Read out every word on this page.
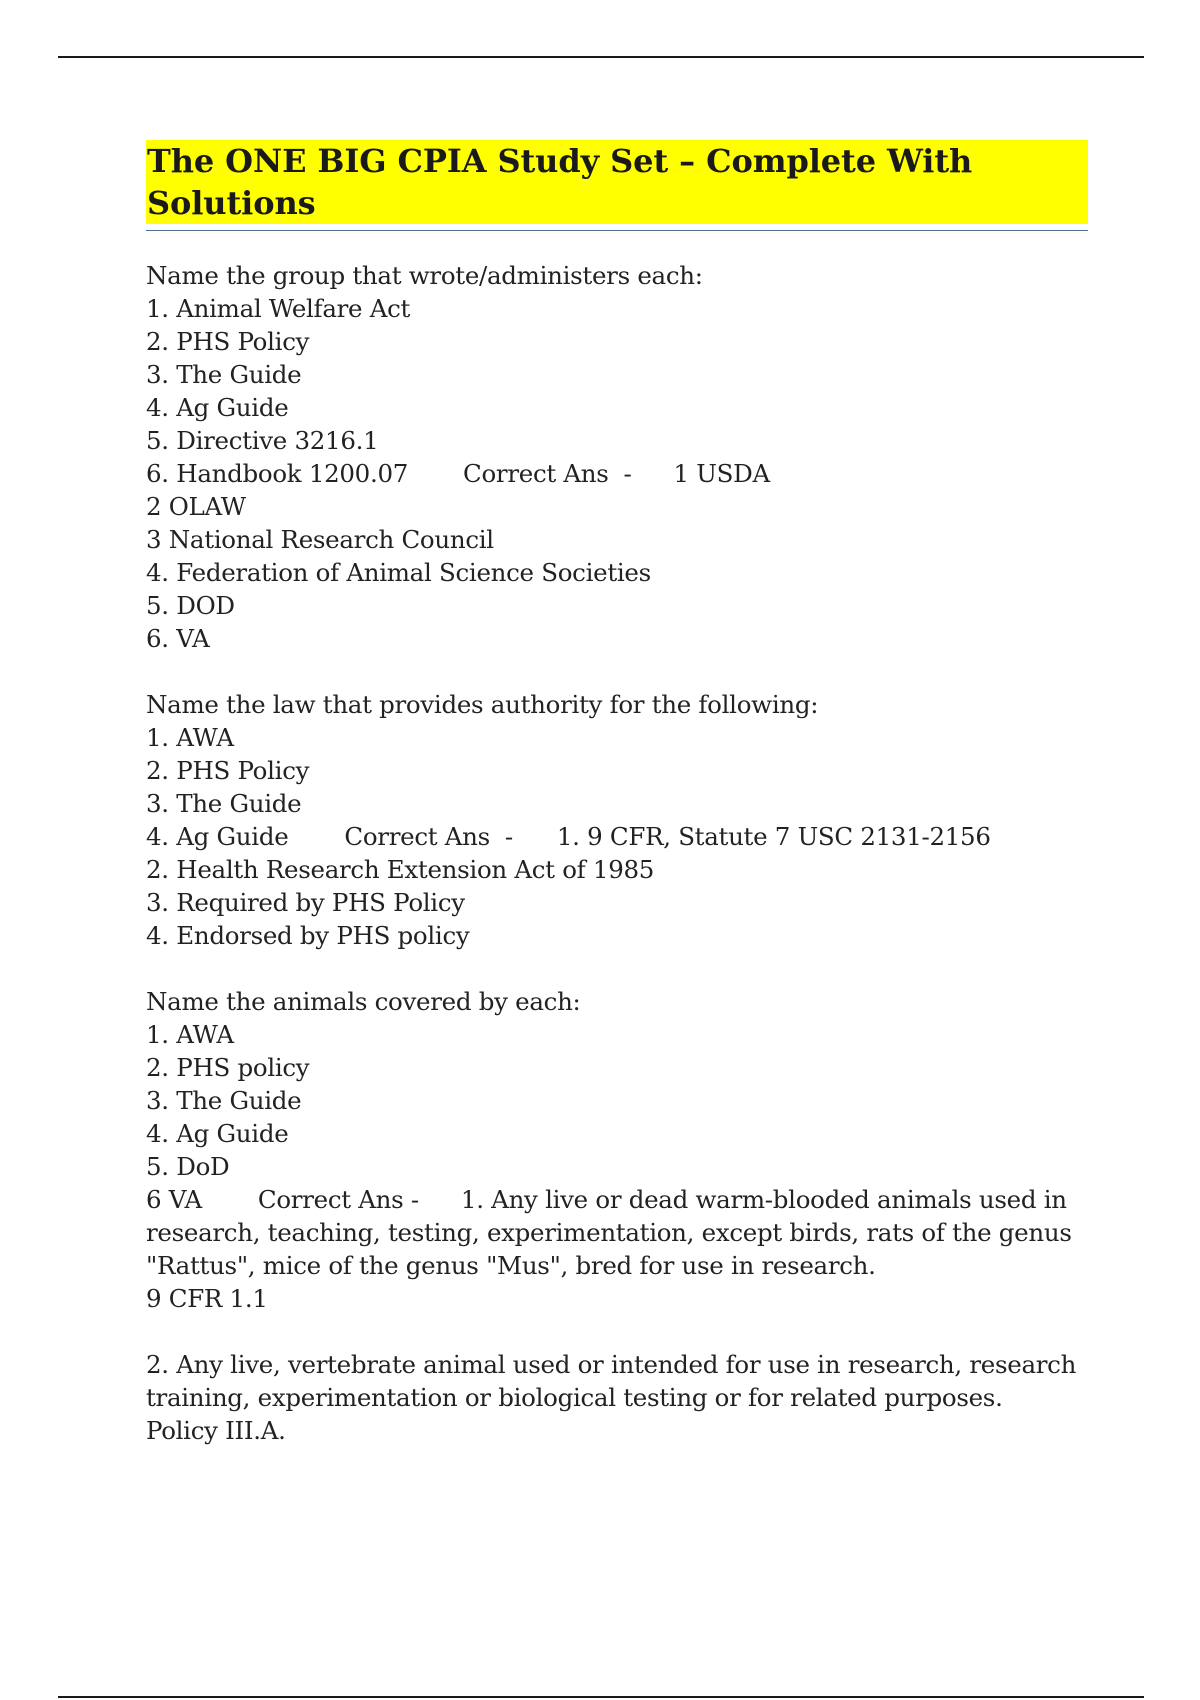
The ONE BIG CPIA Study Set – Complete With Solutions
Name the group that wrote/administers each:
1. Animal Welfare Act
2. PHS Policy
3. The Guide
4. Ag Guide
5. Directive 3216.1
6. Handbook 1200.07 Correct Ans  - 1 USDA
2 OLAW
3 National Research Council
4. Federation of Animal Science Societies
5. DOD
6. VA
Name the law that provides authority for the following:
1. AWA
2. PHS Policy
3. The Guide
4. Ag Guide Correct Ans  - 1. 9 CFR, Statute 7 USC 2131-2156
2. Health Research Extension Act of 1985
3. Required by PHS Policy
4. Endorsed by PHS policy
Name the animals covered by each:
1. AWA
2. PHS policy
3. The Guide
4. Ag Guide
5. DoD
6 VA Correct Ans - 1. Any live or dead warm-blooded animals used in research, teaching, testing, experimentation, except birds, rats of the genus "Rattus", mice of the genus "Mus", bred for use in research.
9 CFR 1.1
2. Any live, vertebrate animal used or intended for use in research, research training, experimentation or biological testing or for related purposes.
Policy III.A.
